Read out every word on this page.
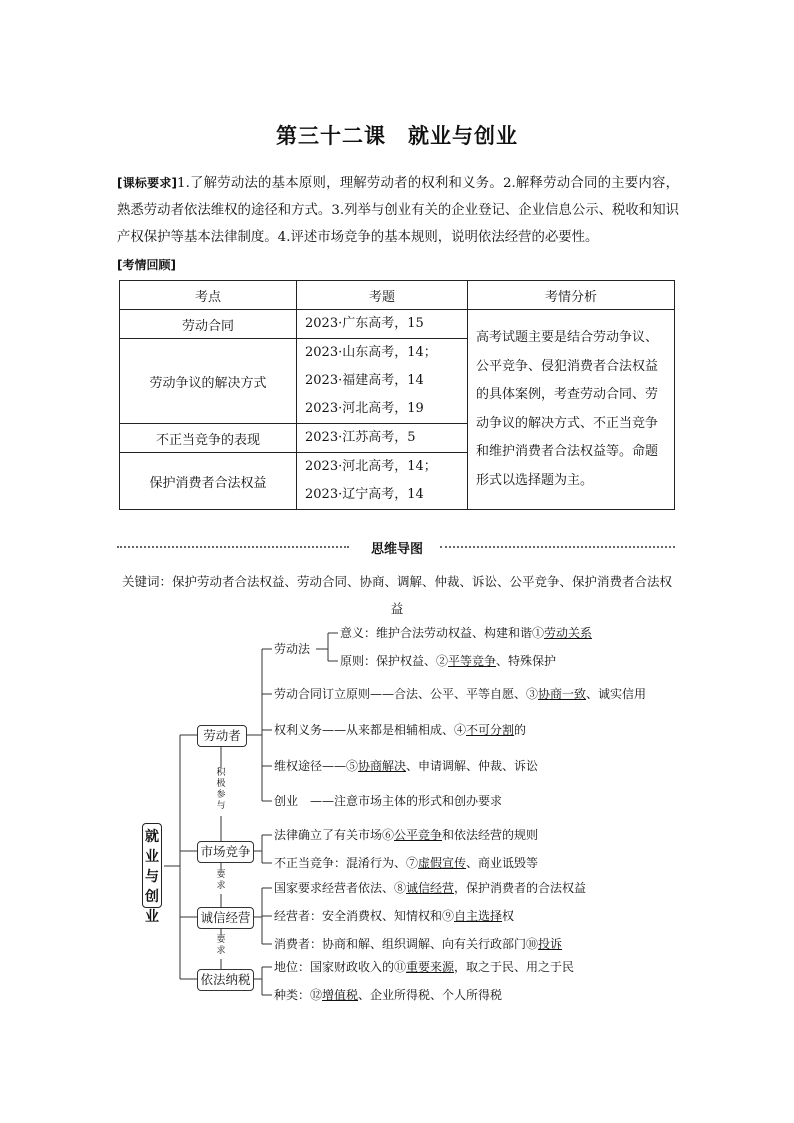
第三十二课 就业与创业
[课标要求]1.了解劳动法的基本原则，理解劳动者的权利和义务。2.解释劳动合同的主要内容，熟悉劳动者依法维权的途径和方式。3.列举与创业有关的企业登记、企业信息公示、税收和知识产权保护等基本法律制度。4.评述市场竞争的基本规则，说明依法经营的必要性。
[考情回顾]
考点	考题	考情分析
劳动合同	2023·广东高考，15	高考试题主要是结合劳动争议、公平竞争、侵犯消费者合法权益的具体案例，考查劳动合同、劳动争议的解决方式、不正当竞争和维护消费者合法权益等。命题形式以选择题为主。
劳动争议的解决方式	2023·山东高考，14；
2023·福建高考，14
2023·河北高考，19	

不正当竞争的表现	2023·江苏高考，5	

保护消费者合法权益	2023·河北高考，14；
2023·辽宁高考，14	
思维导图
关键词：保护劳动者合法权益、劳动合同、协商、调解、仲裁、诉讼、公平竞争、保护消费者合法权益
就业与创业
劳动者
市场竞争
诚信经营
依法纳税
积极参与
要求
要求
劳动法
意义：维护合法劳动权益、构建和谐①劳动关系
原则：保护权益、②平等竞争、特殊保护
劳动合同订立原则——合法、公平、平等自愿、③协商一致、诚实信用
权利义务——从来都是相辅相成、④不可分割的
维权途径——⑤协商解决、申请调解、仲裁、诉讼
创业　——注意市场主体的形式和创办要求
法律确立了有关市场⑥公平竞争和依法经营的规则
不正当竞争：混淆行为、⑦虚假宣传、商业诋毁等
国家要求经营者依法、⑧诚信经营，保护消费者的合法权益
经营者：安全消费权、知情权和⑨自主选择权
消费者：协商和解、组织调解、向有关行政部门⑩投诉
地位：国家财政收入的⑪重要来源，取之于民、用之于民
种类：⑫增值税、企业所得税、个人所得税
